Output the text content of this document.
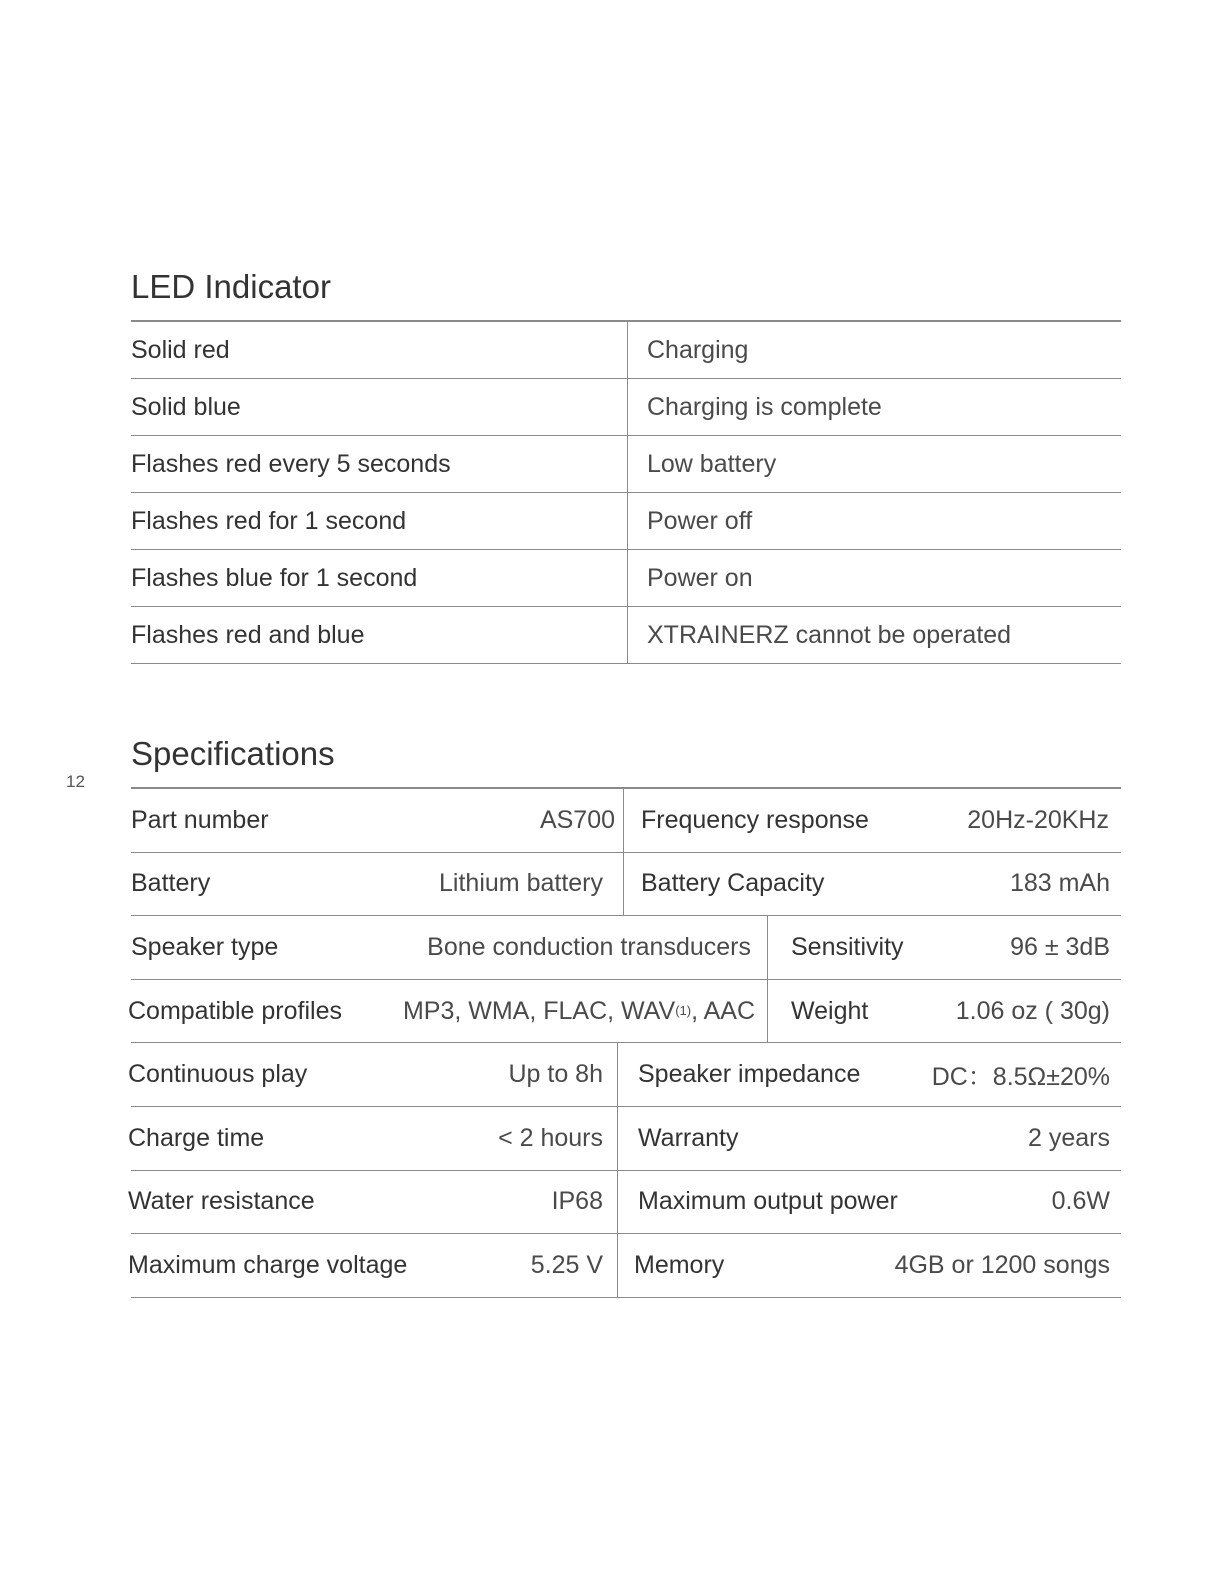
12
LED Indicator
Solid red	Charging
Solid blue	Charging is complete
Flashes red every 5 seconds	Low battery
Flashes red for 1 second	Power off
Flashes blue for 1 second	Power on
Flashes red and blue	XTRAINERZ cannot be operated
Specifications
Part number	AS700 Frequency response	20Hz-20KHz
Battery	Lithium battery Battery Capacity	183 mAh
Speaker type	Bone conduction transducers Sensitivity	96 ± 3dB
Compatible profiles	MP3, WMA, FLAC, WAV (1) , AAC Weight	1.06 oz ( 30g)
Continuous play	Up to 8h Speaker impedance	DC：8.5Ω±20%
Charge time	< 2 hours Warranty	2 years
Water resistance	IP68 Maximum output power	0.6W
Maximum charge voltage	5.25 V Memory	4GB or 1200 songs
